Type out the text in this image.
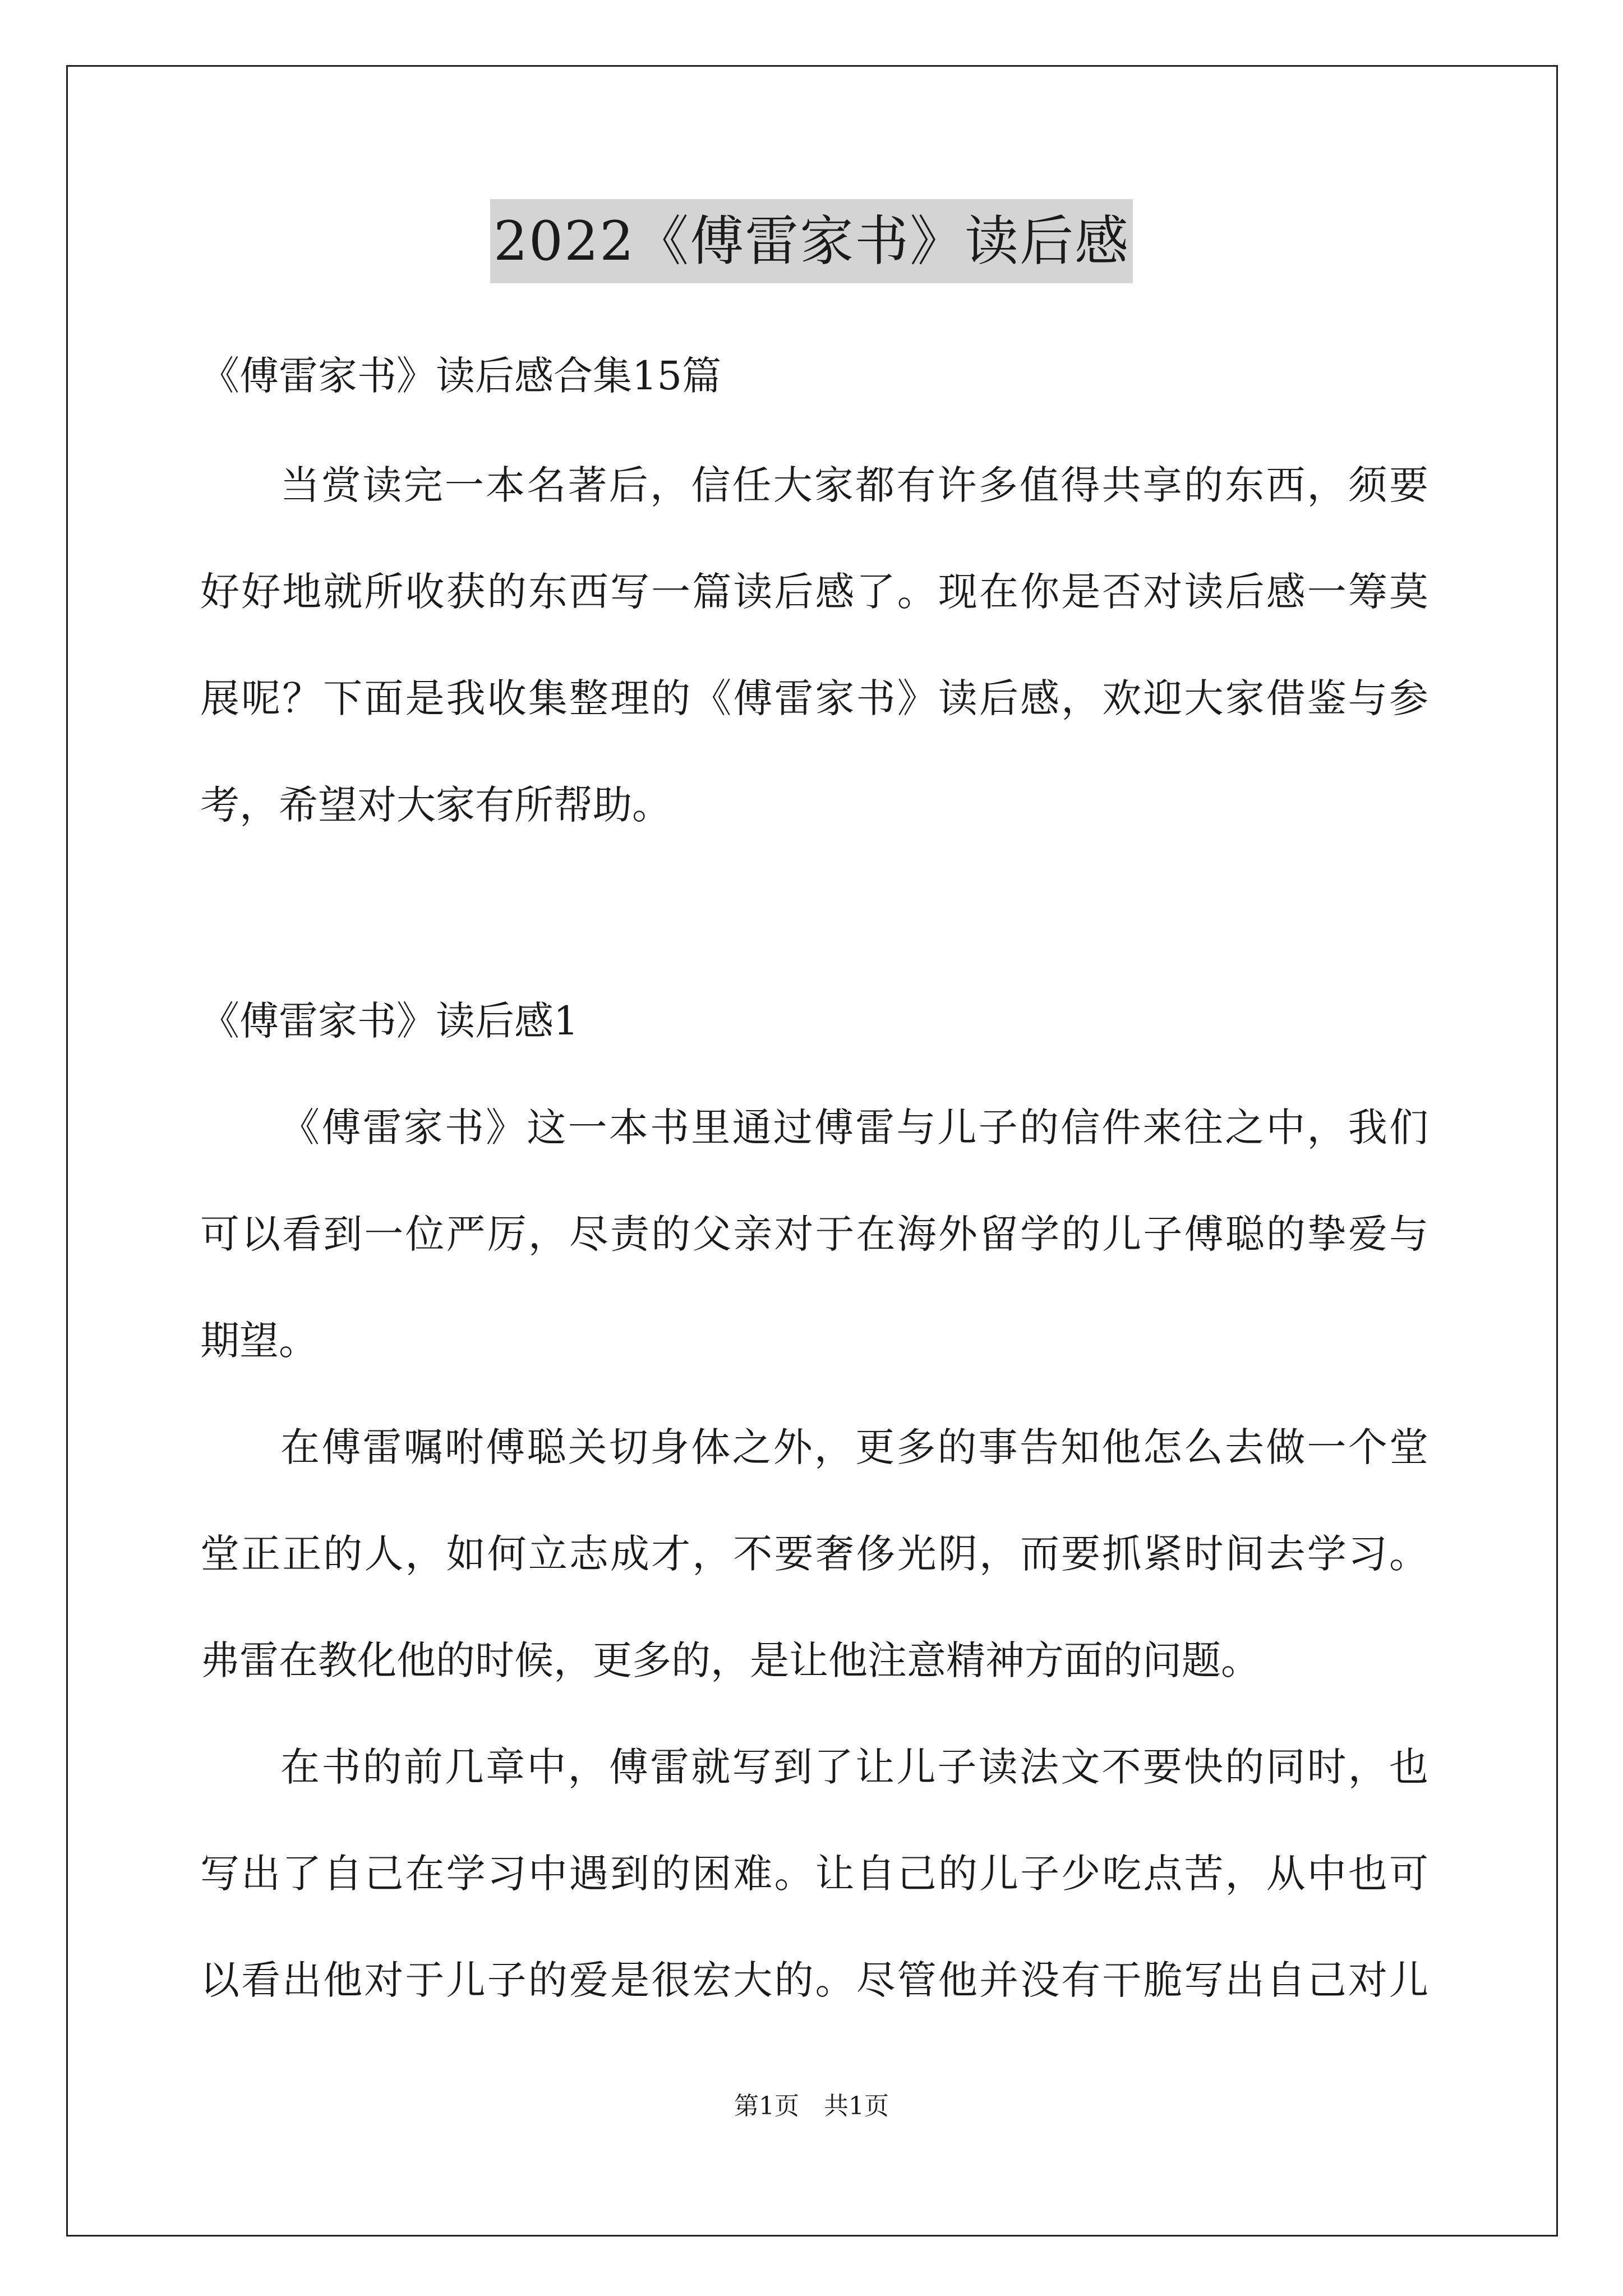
2022《傅雷家书》读后感
《傅雷家书》读后感合集15篇
当赏读完一本名著后，信任大家都有许多值得共享的东西，须要
好好地就所收获的东西写一篇读后感了。现在你是否对读后感一筹莫
展呢？下面是我收集整理的《傅雷家书》读后感，欢迎大家借鉴与参
考，希望对大家有所帮助。
《傅雷家书》读后感1
《傅雷家书》这一本书里通过傅雷与儿子的信件来往之中，我们
可以看到一位严厉，尽责的父亲对于在海外留学的儿子傅聪的挚爱与
期望。
在傅雷嘱咐傅聪关切身体之外，更多的事告知他怎么去做一个堂
堂正正的人，如何立志成才，不要奢侈光阴，而要抓紧时间去学习。
弗雷在教化他的时候，更多的，是让他注意精神方面的问题。
在书的前几章中，傅雷就写到了让儿子读法文不要快的同时，也
写出了自己在学习中遇到的困难。让自己的儿子少吃点苦，从中也可
以看出他对于儿子的爱是很宏大的。尽管他并没有干脆写出自己对儿
第1页　共1页
